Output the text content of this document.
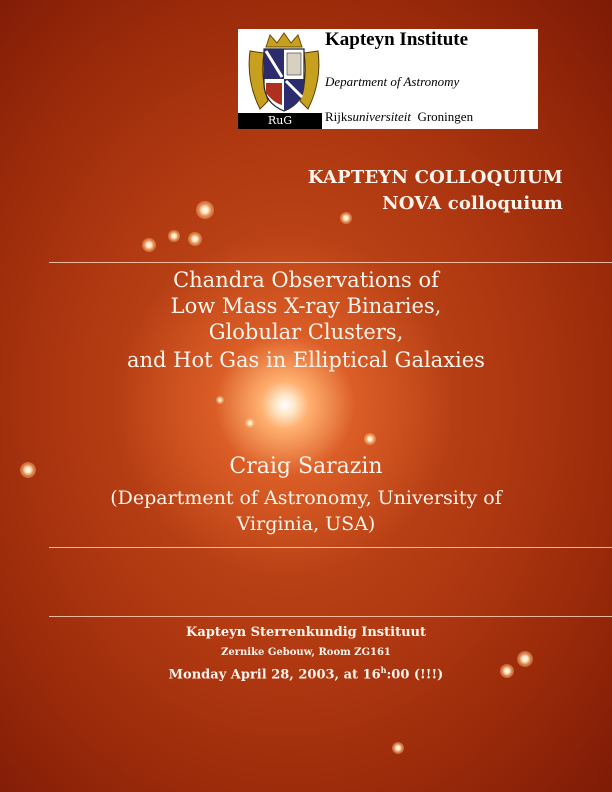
RuG
Kapteyn Institute
Department of Astronomy
Rijksuniversiteit Groningen
KAPTEYN COLLOQUIUM
NOVA colloquium
Chandra Observations of
Low Mass X-ray Binaries,
Globular Clusters,
and Hot Gas in Elliptical Galaxies
Craig Sarazin
(Department of Astronomy, University of
Virginia, USA)
Kapteyn Sterrenkundig Instituut
Zernike Gebouw, Room ZG161
Monday April 28, 2003, at 16$^h$:00 (!!!)
